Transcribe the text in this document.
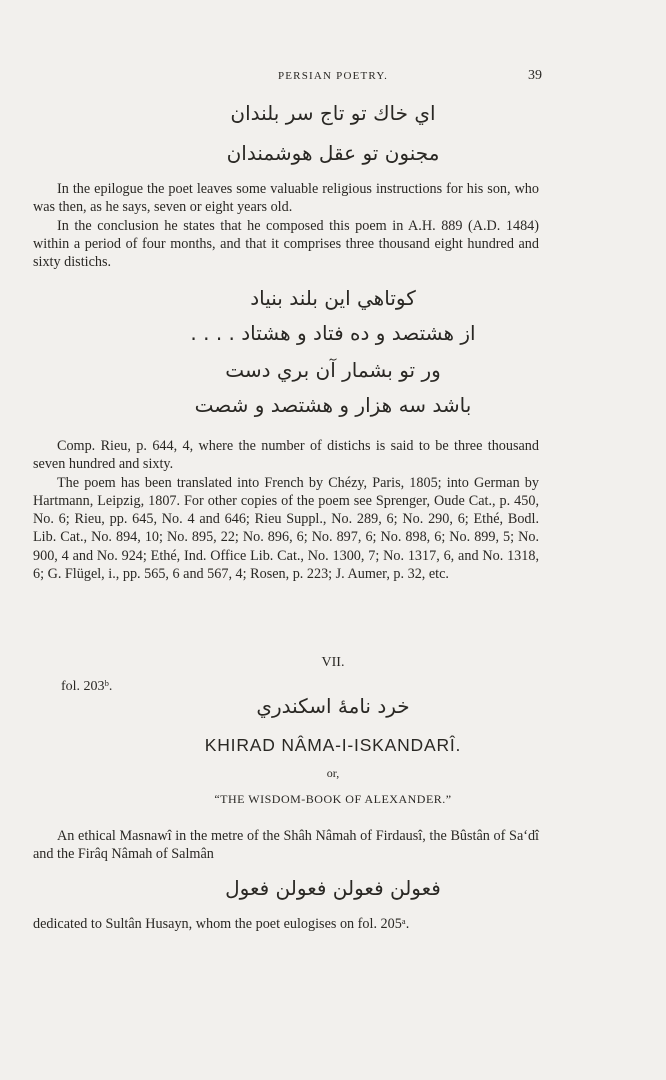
PERSIAN POETRY.	39
اي خاك تو تاج سر بلندان
مجنون تو عقل هوشمندان

In the epilogue the poet leaves some valuable religious instructions for his son, who was then, as he says, seven or eight years old.

In the conclusion he states that he composed this poem in A.H. 889 (A.D. 1484) within a period of four months, and that it comprises three thousand eight hundred and sixty distichs.

كوتاهي اين بلند بنياد
از هشتصد و ده فتاد و هشتاد . . . .
ور تو بشمار آن بري دست
باشد سه هزار و هشتصد و شصت

Comp. Rieu, p. 644, 4, where the number of distichs is said to be three thousand seven hundred and sixty.

The poem has been translated into French by Chézy, Paris, 1805; into German by Hartmann, Leipzig, 1807. For other copies of the poem see Sprenger, Oude Cat., p. 450, No. 6; Rieu, pp. 645, No. 4 and 646; Rieu Suppl., No. 289, 6; No. 290, 6; Ethé, Bodl. Lib. Cat., No. 894, 10; No. 895, 22; No. 896, 6; No. 897, 6; No. 898, 6; No. 899, 5; No. 900, 4 and No. 924; Ethé, Ind. Office Lib. Cat., No. 1300, 7; No. 1317, 6, and No. 1318, 6; G. Flügel, i., pp. 565, 6 and 567, 4; Rosen, p. 223; J. Aumer, p. 32, etc.

VII.
fol. 203ᵇ.
خرد نامهٔ اسكندري
KHIRAD NÂMA-I-ISKANDARÎ.
or,
“THE WISDOM-BOOK OF ALEXANDER.”

An ethical Masnawî in the metre of the Shâh Nâmah of Firdausî, the Bûstân of Sa‘dî and the Firâq Nâmah of Salmân

فعولن فعولن فعولن فعول

dedicated to Sultân Husayn, whom the poet eulogises on fol. 205ᵃ.
